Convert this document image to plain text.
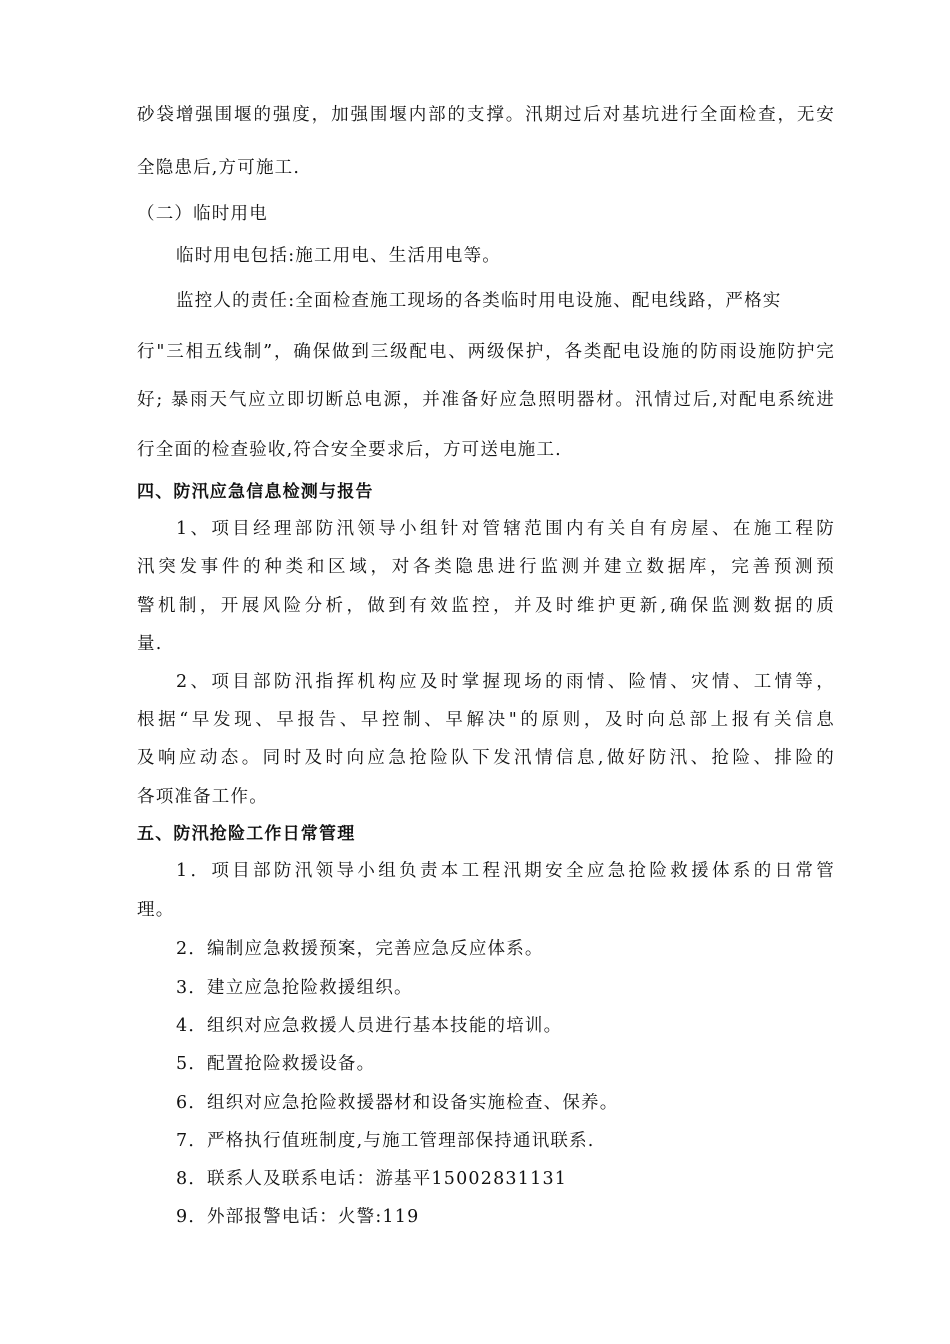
砂袋增强围堰的强度，加强围堰内部的支撑。汛期过后对基坑进行全面检查，无安
全隐患后,方可施工.
（二）临时用电
临时用电包括:施工用电、生活用电等。
监控人的责任:全面检查施工现场的各类临时用电设施、配电线路，严格实
行"三相五线制”，确保做到三级配电、两级保护，各类配电设施的防雨设施防护完
好; 暴雨天气应立即切断总电源，并准备好应急照明器材。汛情过后,对配电系统进
行全面的检查验收,符合安全要求后，方可送电施工.
四、防汛应急信息检测与报告
1、项目经理部防汛领导小组针对管辖范围内有关自有房屋、在施工程防
汛突发事件的种类和区域，对各类隐患进行监测并建立数据库，完善预测预
警机制，开展风险分析，做到有效监控，并及时维护更新,确保监测数据的质
量.
2、项目部防汛指挥机构应及时掌握现场的雨情、险情、灾情、工情等，
根据“早发现、早报告、早控制、早解决"的原则，及时向总部上报有关信息
及响应动态。同时及时向应急抢险队下发汛情信息,做好防汛、抢险、排险的
各项准备工作。
五、防汛抢险工作日常管理
1．项目部防汛领导小组负责本工程汛期安全应急抢险救援体系的日常管
理。
2．编制应急救援预案，完善应急反应体系。
3．建立应急抢险救援组织。
4．组织对应急救援人员进行基本技能的培训。
5．配置抢险救援设备。
6．组织对应急抢险救援器材和设备实施检查、保养。
7．严格执行值班制度,与施工管理部保持通讯联系.
8．联系人及联系电话：游基平15002831131
9．外部报警电话：火警:119
